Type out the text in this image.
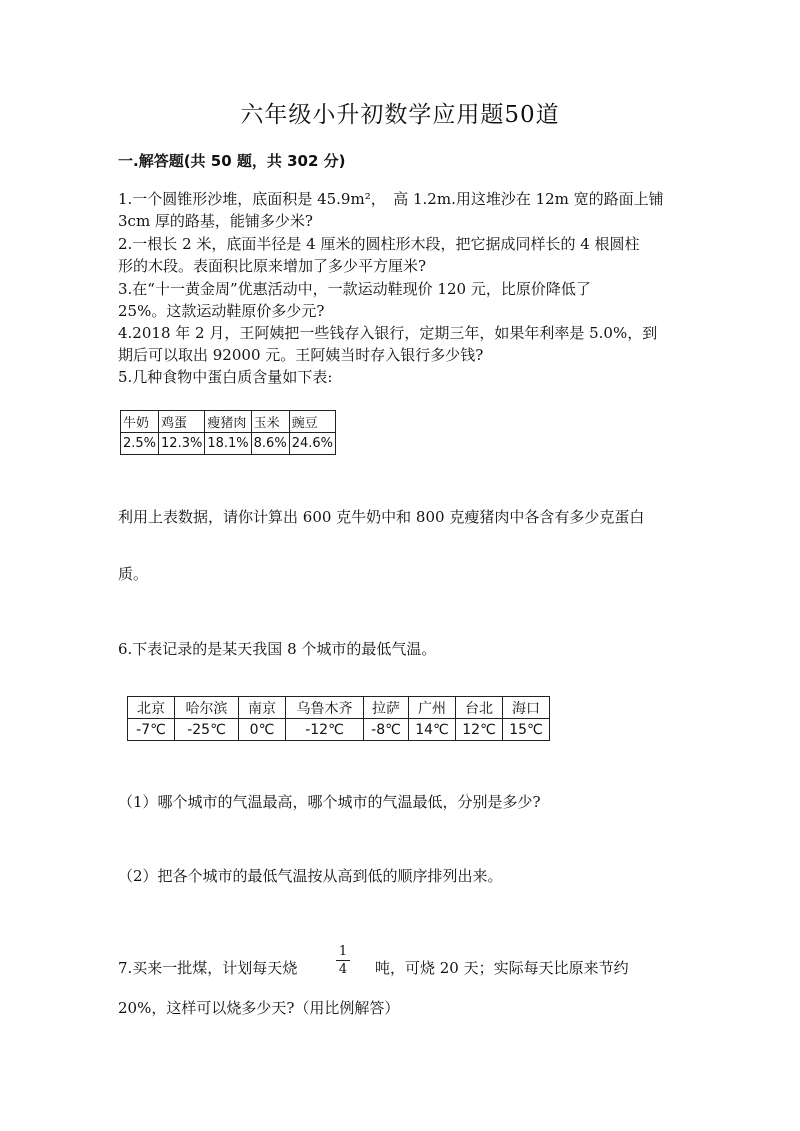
六年级小升初数学应用题50道
一.解答题(共 50 题，共 302 分)
1.一个圆锥形沙堆，底面积是 45.9m²，　高 1.2m.用这堆沙在 12m 宽的路面上铺
3cm 厚的路基，能铺多少米?
2.一根长 2 米，底面半径是 4 厘米的圆柱形木段，把它据成同样长的 4 根圆柱
形的木段。表面积比原来增加了多少平方厘米?
3.在“十一黄金周”优惠活动中，一款运动鞋现价 120 元，比原价降低了
25%。这款运动鞋原价多少元?
4.2018 年 2 月，王阿姨把一些钱存入银行，定期三年，如果年利率是 5.0%，到
期后可以取出 92000 元。王阿姨当时存入银行多少钱?
5.几种食物中蛋白质含量如下表:
牛奶	鸡蛋	瘦猪肉	玉米	豌豆
2.5%	12.3%	18.1%	8.6%	24.6%
利用上表数据，请你计算出 600 克牛奶中和 800 克瘦猪肉中各含有多少克蛋白
质。
6.下表记录的是某天我国 8 个城市的最低气温。
北京	哈尔滨	南京	乌鲁木齐	拉萨	广州	台北	海口
-7℃	-25℃	0℃	-12℃	-8℃	14℃	12℃	15℃
（1）哪个城市的气温最高，哪个城市的气温最低，分别是多少?
（2）把各个城市的最低气温按从高到低的顺序排列出来。
7.买来一批煤，计划每天烧
1
4 吨，可烧 20 天；实际每天比原来节约
20%，这样可以烧多少天?（用比例解答）
